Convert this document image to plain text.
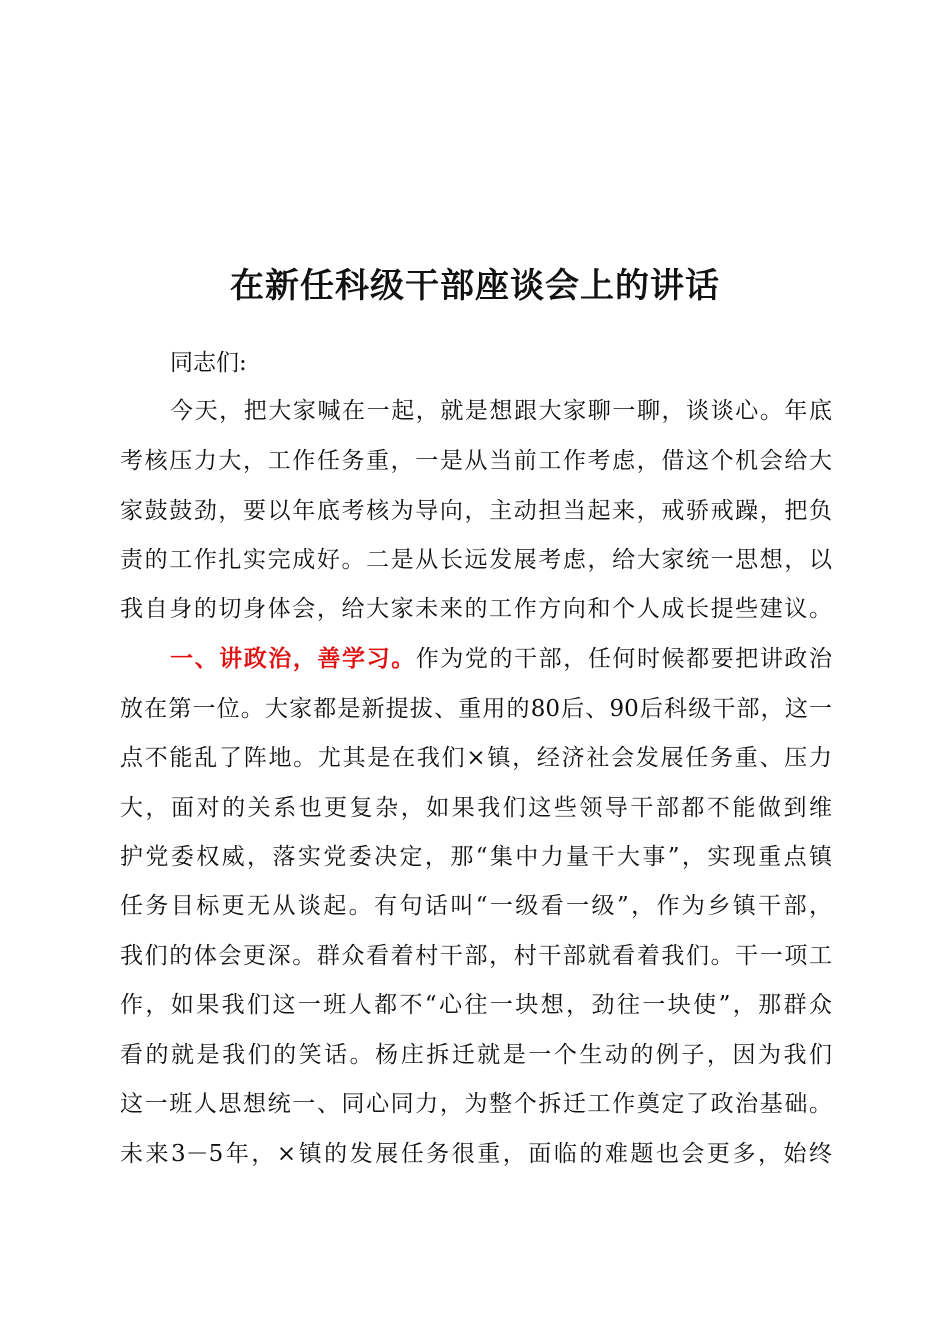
在新任科级干部座谈会上的讲话
同志们:
今天，把大家喊在一起，就是想跟大家聊一聊，谈谈心。年底
考核压力大，工作任务重，一是从当前工作考虑，借这个机会给大
家鼓鼓劲，要以年底考核为导向，主动担当起来，戒骄戒躁，把负
责的工作扎实完成好。二是从长远发展考虑，给大家统一思想，以
我自身的切身体会，给大家未来的工作方向和个人成长提些建议。
一、讲政治，善学习。作为党的干部，任何时候都要把讲政治
放在第一位。大家都是新提拔、重用的80后、90后科级干部，这一
点不能乱了阵地。尤其是在我们×镇，经济社会发展任务重、压力
大，面对的关系也更复杂，如果我们这些领导干部都不能做到维
护党委权威，落实党委决定，那“集中力量干大事”，实现重点镇
任务目标更无从谈起。有句话叫“一级看一级”，作为乡镇干部，
我们的体会更深。群众看着村干部，村干部就看着我们。干一项工
作，如果我们这一班人都不“心往一块想，劲往一块使”，那群众
看的就是我们的笑话。杨庄拆迁就是一个生动的例子，因为我们
这一班人思想统一、同心同力，为整个拆迁工作奠定了政治基础。
未来3－5年，×镇的发展任务很重，面临的难题也会更多，始终
